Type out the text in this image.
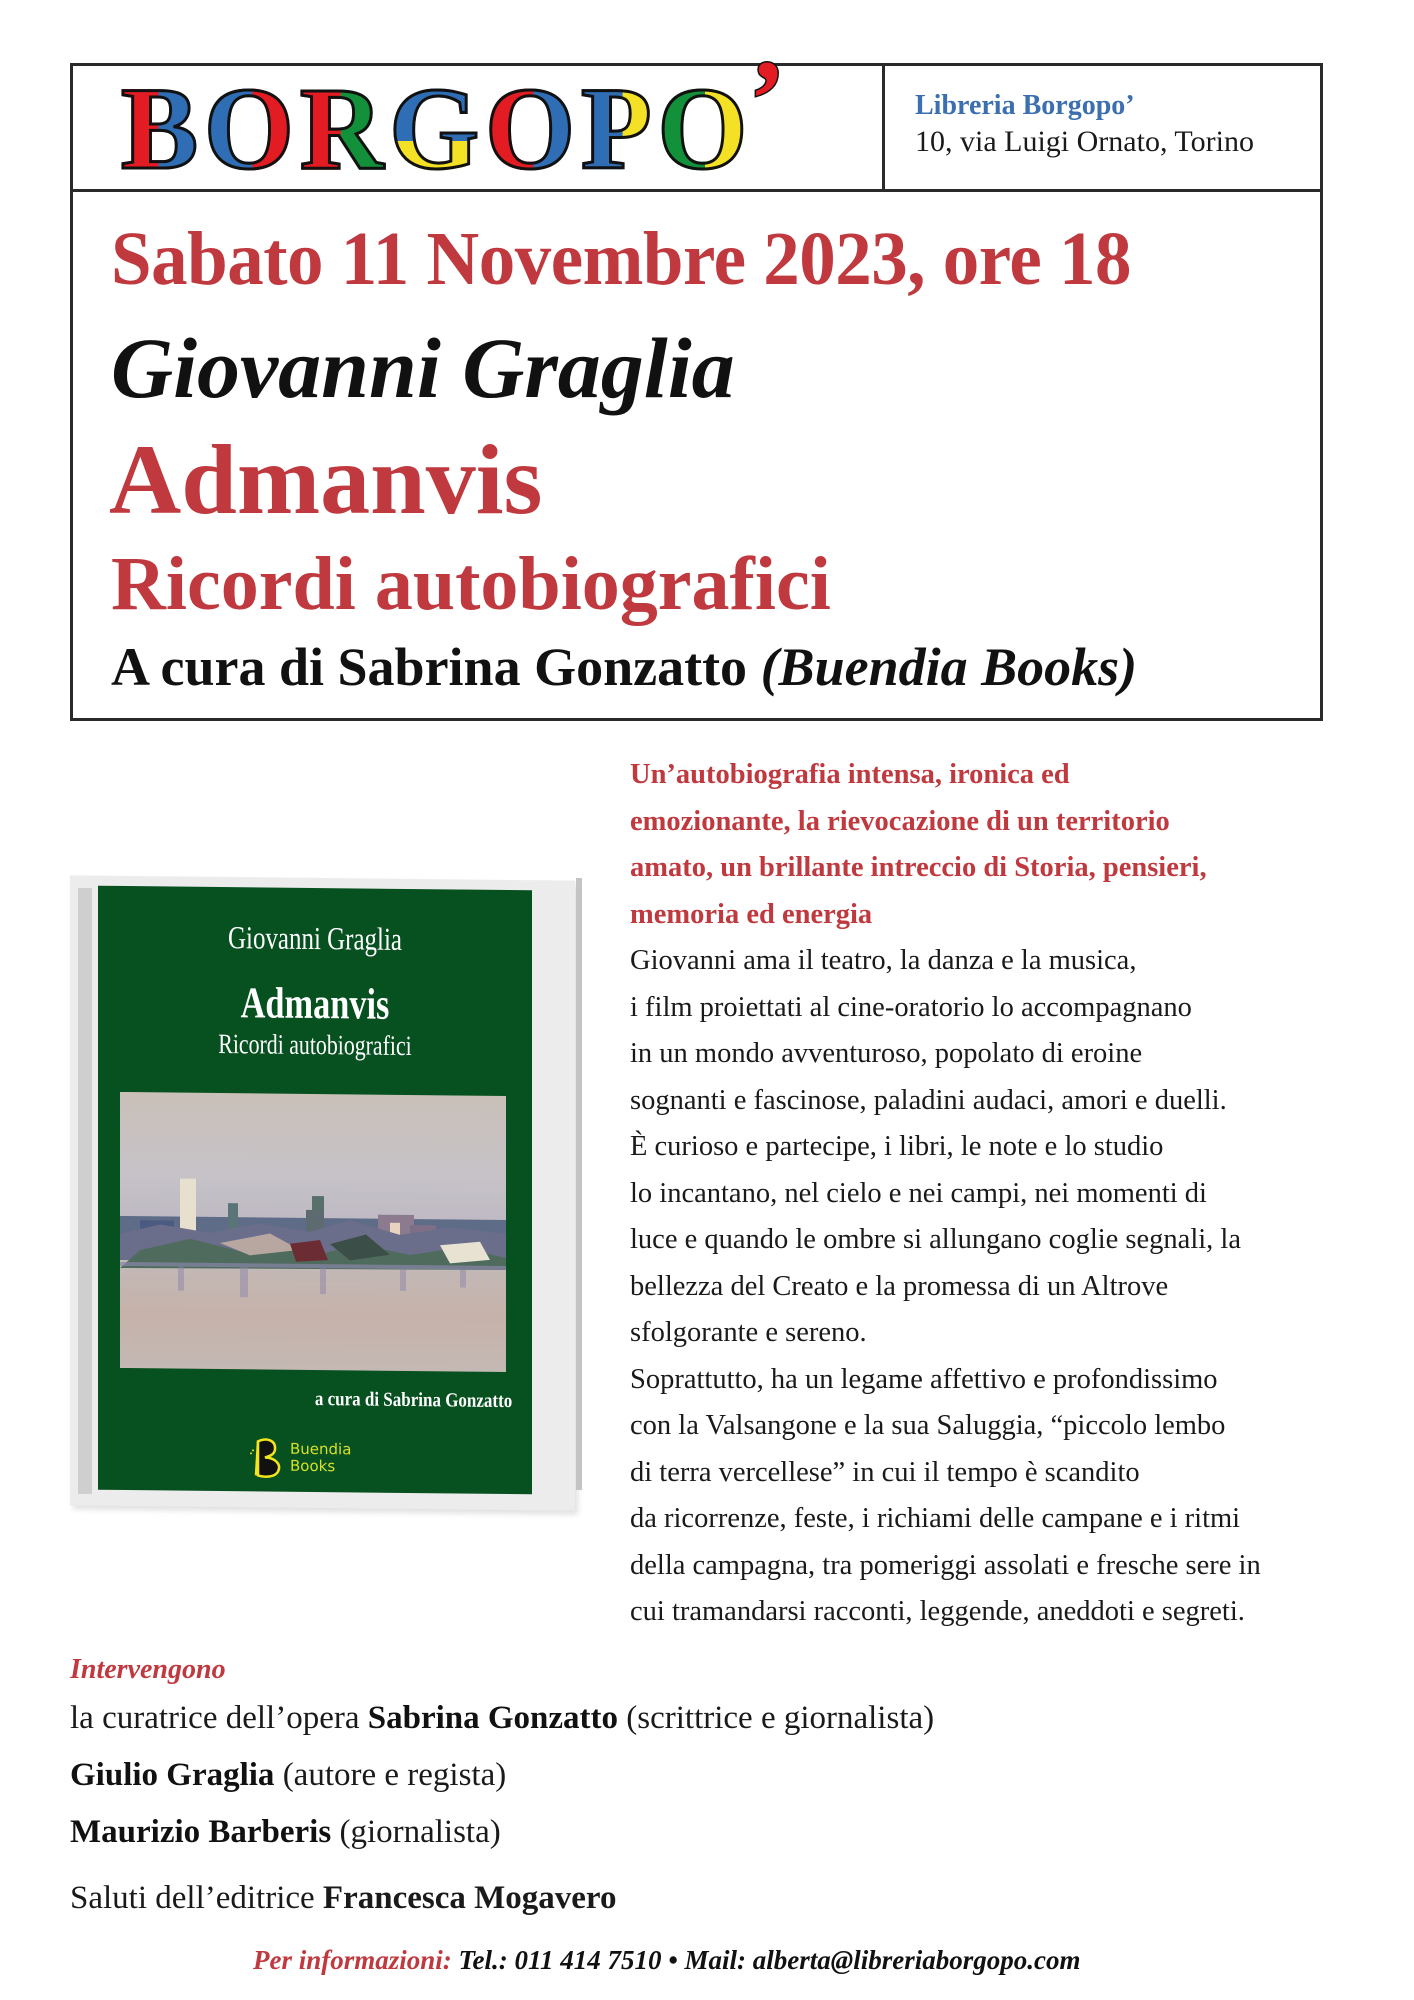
B O R G O P O
’	Libreria Borgopo’
10, via Luigi Ornato, Torino
Sabato 11 Novembre 2023, ore 18
Giovanni Graglia
Admanvis
Ricordi autobiografici
A cura di Sabrina Gonzatto (Buendia Books)
Giovanni Graglia
Admanvis
Ricordi autobiografici
a cura di Sabrina Gonzatto
Buendia
Books
Un’autobiografia intensa, ironica ed
emozionante, la rievocazione di un territorio
amato, un brillante intreccio di Storia, pensieri,
memoria ed energia
Giovanni ama il teatro, la danza e la musica,
i film proiettati al cine-oratorio lo accompagnano
in un mondo avventuroso, popolato di eroine
sognanti e fascinose, paladini audaci, amori e duelli.
È curioso e partecipe, i libri, le note e lo studio
lo incantano, nel cielo e nei campi, nei momenti di
luce e quando le ombre si allungano coglie segnali, la
bellezza del Creato e la promessa di un Altrove
sfolgorante e sereno.
Soprattutto, ha un legame affettivo e profondissimo
con la Valsangone e la sua Saluggia, “piccolo lembo
di terra vercellese” in cui il tempo è scandito
da ricorrenze, feste, i richiami delle campane e i ritmi
della campagna, tra pomeriggi assolati e fresche sere in
cui tramandarsi racconti, leggende, aneddoti e segreti.
Intervengono
la curatrice dell’opera Sabrina Gonzatto (scrittrice e giornalista)
Giulio Graglia (autore e regista)
Maurizio Barberis (giornalista)
Saluti dell’editrice Francesca Mogavero
Per informazioni: Tel.: 011 414 7510 • Mail: alberta@libreriaborgopo.com
